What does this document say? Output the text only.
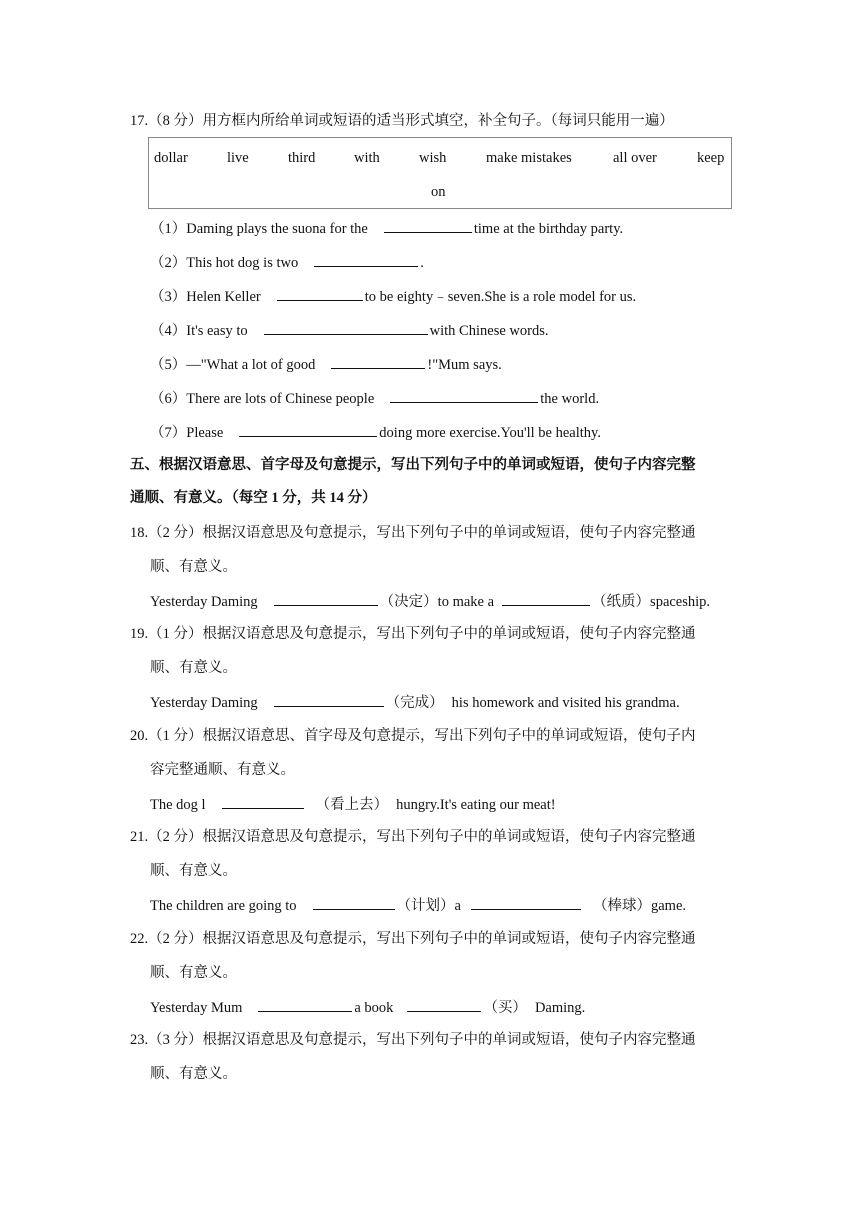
17.（8 分）用方框内所给单词或短语的适当形式填空，补全句子。（每词只能用一遍）
dollar	live	third	with	wish	make mistakes	all over	keep
on
（1）Daming plays the suona for the	time at the birthday party.
（2）This hot dog is two	.
（3）Helen Keller	to be eighty﹣seven.She is a role model for us.
（4）It's easy to	with Chinese words.
（5）—"What a lot of good	!"Mum says.
（6）There are lots of Chinese people	the world.
（7）Please	doing more exercise.You'll be healthy.
五、根据汉语意思、首字母及句意提示，写出下列句子中的单词或短语，使句子内容完整
通顺、有意义。（每空 1 分，共 14 分）
18.（2 分）根据汉语意思及句意提示，写出下列句子中的单词或短语，使句子内容完整通
顺、有意义。
Yesterday Daming	（决定）to make a	（纸质）spaceship.
19.（1 分）根据汉语意思及句意提示，写出下列句子中的单词或短语，使句子内容完整通
顺、有意义。
Yesterday Daming	（完成） his homework and visited his grandma.
20.（1 分）根据汉语意思、首字母及句意提示，写出下列句子中的单词或短语，使句子内
容完整通顺、有意义。
The dog l	（看上去） hungry.It's eating our meat!
21.（2 分）根据汉语意思及句意提示，写出下列句子中的单词或短语，使句子内容完整通
顺、有意义。
The children are going to	（计划）a	（棒球）game.
22.（2 分）根据汉语意思及句意提示，写出下列句子中的单词或短语，使句子内容完整通
顺、有意义。
Yesterday Mum	a book	（买） Daming.
23.（3 分）根据汉语意思及句意提示，写出下列句子中的单词或短语，使句子内容完整通
顺、有意义。
